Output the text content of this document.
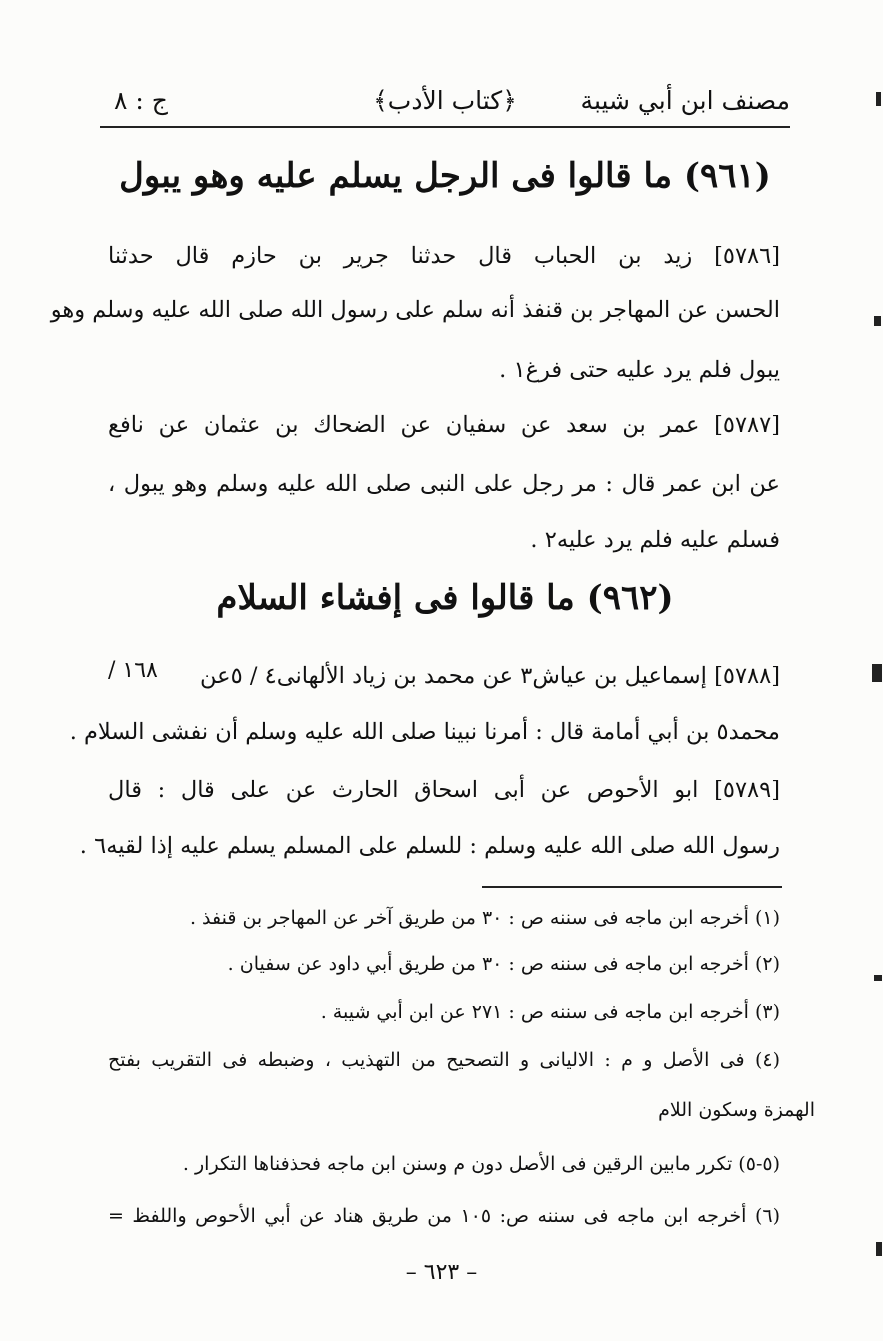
مصنف ابن أبي شيبة
﴿كتاب الأدب﴾
ج : ٨
(٩٦١) ما قالوا فى الرجل يسلم عليه وهو يبول
[٥٧٨٦] زيد بن الحباب قال حدثنا جرير بن حازم قال حدثنا
الحسن عن المهاجر بن قنفذ أنه سلم على رسول الله صلى الله عليه وسلم وهو
يبول فلم يرد عليه حتى فرغ١ .
[٥٧٨٧] عمر بن سعد عن سفيان عن الضحاك بن عثمان عن نافع
عن ابن عمر قال : مر رجل على النبى صلى الله عليه وسلم وهو يبول ،
فسلم عليه فلم يرد عليه٢ .
(٩٦٢) ما قالوا فى إفشاء السلام
[٥٧٨٨] إسماعيل بن عياش٣ عن محمد بن زياد الألهانى٤ / ٥عن
١٦٨ /
محمد٥ بن أبي أمامة قال : أمرنا نبينا صلى الله عليه وسلم أن نفشى السلام .
[٥٧٨٩] ابو الأحوص عن أبى اسحاق الحارث عن على قال : قال
رسول الله صلى الله عليه وسلم : للسلم على المسلم يسلم عليه إذا لقيه٦ .
(١) أخرجه ابن ماجه فى سننه ص : ٣٠ من طريق آخر عن المهاجر بن قنفذ .
(٢) أخرجه ابن ماجه فى سننه ص : ٣٠ من طريق أبي داود عن سفيان .
(٣) أخرجه ابن ماجه فى سننه ص : ٢٧١ عن ابن أبي شيبة .
(٤) فى الأصل و م : الاليانى و التصحيح من التهذيب ، وضبطه فى التقريب بفتح
الهمزة وسكون اللام
(٥-٥) تكرر مابين الرقين فى الأصل دون م وسنن ابن ماجه فحذفناها التكرار .
(٦) أخرجه ابن ماجه فى سننه ص: ١٠٥ من طريق هناد عن أبي الأحوص واللفظ =
– ٦٢٣ –
